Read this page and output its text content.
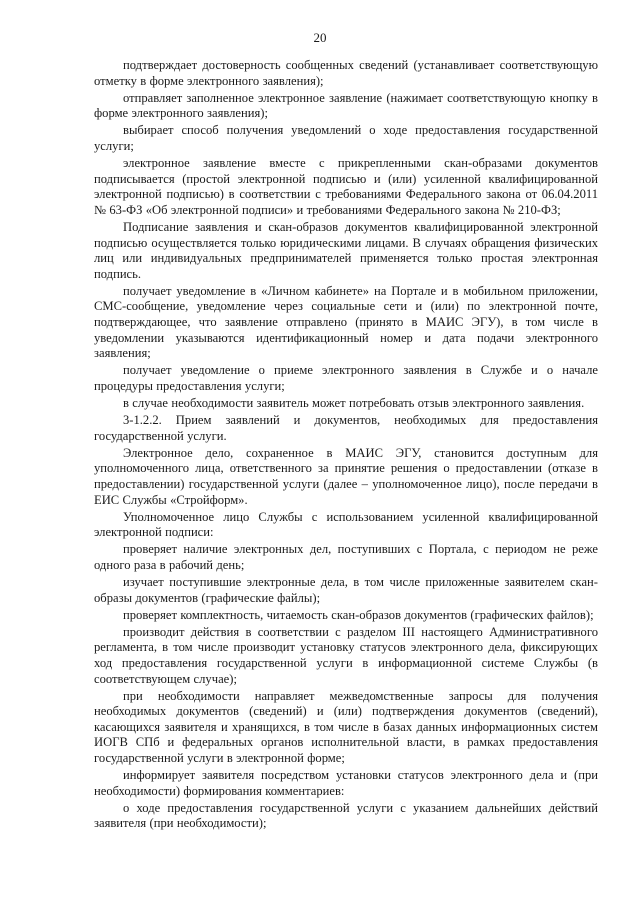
20

подтверждает достоверность сообщенных сведений (устанавливает соответствующую отметку в форме электронного заявления);

отправляет заполненное электронное заявление (нажимает соответствующую кнопку в форме электронного заявления);

выбирает способ получения уведомлений о ходе предоставления государственной услуги;

электронное заявление вместе с прикрепленными скан-образами документов подписывается (простой электронной подписью и (или) усиленной квалифицированной электронной подписью) в соответствии с требованиями Федерального закона от 06.04.2011 № 63-ФЗ «Об электронной подписи» и требованиями Федерального закона № 210-ФЗ;

Подписание заявления и скан-образов документов квалифицированной электронной подписью осуществляется только юридическими лицами. В случаях обращения физических лиц или индивидуальных предпринимателей применяется только простая электронная подпись.

получает уведомление в «Личном кабинете» на Портале и в мобильном приложении, СМС-сообщение, уведомление через социальные сети и (или) по электронной почте, подтверждающее, что заявление отправлено (принято в МАИС ЭГУ), в том числе в уведомлении указываются идентификационный номер и дата подачи электронного заявления;

получает уведомление о приеме электронного заявления в Службе и о начале процедуры предоставления услуги;

в случае необходимости заявитель может потребовать отзыв электронного заявления.

3-1.2.2. Прием заявлений и документов, необходимых для предоставления государственной услуги.

Электронное дело, сохраненное в МАИС ЭГУ, становится доступным для уполномоченного лица, ответственного за принятие решения о предоставлении (отказе в предоставлении) государственной услуги (далее – уполномоченное лицо), после передачи в ЕИС Службы «Стройформ».

Уполномоченное лицо Службы с использованием усиленной квалифицированной электронной подписи:

проверяет наличие электронных дел, поступивших с Портала, с периодом не реже одного раза в рабочий день;

изучает поступившие электронные дела, в том числе приложенные заявителем скан-образы документов (графические файлы);

проверяет комплектность, читаемость скан-образов документов (графических файлов);

производит действия в соответствии с разделом III настоящего Административного регламента, в том числе производит установку статусов электронного дела, фиксирующих ход предоставления государственной услуги в информационной системе Службы (в соответствующем случае);

при необходимости направляет межведомственные запросы для получения необходимых документов (сведений) и (или) подтверждения документов (сведений), касающихся заявителя и хранящихся, в том числе в базах данных информационных систем ИОГВ СПб и федеральных органов исполнительной власти, в рамках предоставления государственной услуги в электронной форме;

информирует заявителя посредством установки статусов электронного дела и (при необходимости) формирования комментариев:

о ходе предоставления государственной услуги с указанием дальнейших действий заявителя (при необходимости);
